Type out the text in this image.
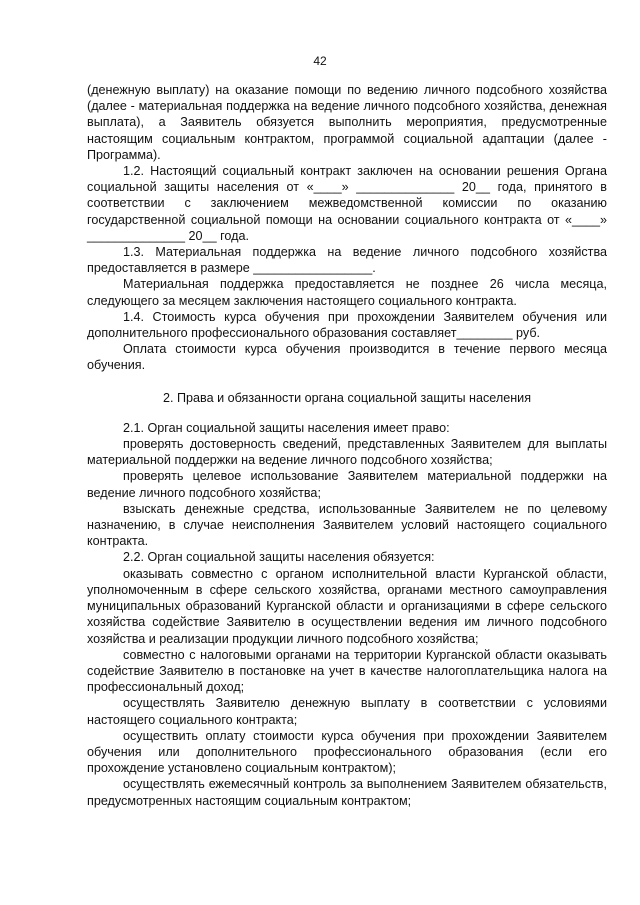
42

(денежную выплату) на оказание помощи по ведению личного подсобного хозяйства (далее - материальная поддержка на ведение личного подсобного хозяйства, денежная выплата), а Заявитель обязуется выполнить мероприятия, предусмотренные настоящим социальным контрактом, программой социальной адаптации (далее - Программа).

1.2. Настоящий социальный контракт заключен на основании решения Органа социальной защиты населения от «____» ______________ 20__ года, принятого в соответствии с заключением межведомственной комиссии по оказанию государственной социальной помощи на основании социального контракта от «____» ______________ 20__ года.

1.3. Материальная поддержка на ведение личного подсобного хозяйства предоставляется в размере _________________.

Материальная поддержка предоставляется не позднее 26 числа месяца, следующего за месяцем заключения настоящего социального контракта.

1.4. Стоимость курса обучения при прохождении Заявителем обучения или дополнительного профессионального образования составляет________ руб.

Оплата стоимости курса обучения производится в течение первого месяца обучения.

2. Права и обязанности органа социальной защиты населения

2.1. Орган социальной защиты населения имеет право:

проверять достоверность сведений, представленных Заявителем для выплаты материальной поддержки на ведение личного подсобного хозяйства;

проверять целевое использование Заявителем материальной поддержки на ведение личного подсобного хозяйства;

взыскать денежные средства, использованные Заявителем не по целевому назначению, в случае неисполнения Заявителем условий настоящего социального контракта.

2.2. Орган социальной защиты населения обязуется:

оказывать совместно с органом исполнительной власти Курганской области, уполномоченным в сфере сельского хозяйства, органами местного самоуправления муниципальных образований Курганской области и организациями в сфере сельского хозяйства содействие Заявителю в осуществлении ведения им личного подсобного хозяйства и реализации продукции личного подсобного хозяйства;

совместно с налоговыми органами на территории Курганской области оказывать содействие Заявителю в постановке на учет в качестве налогоплательщика налога на профессиональный доход;

осуществлять Заявителю денежную выплату в соответствии с условиями настоящего социального контракта;

осуществить оплату стоимости курса обучения при прохождении Заявителем обучения или дополнительного профессионального образования (если его прохождение установлено социальным контрактом);

осуществлять ежемесячный контроль за выполнением Заявителем обязательств, предусмотренных настоящим социальным контрактом;
